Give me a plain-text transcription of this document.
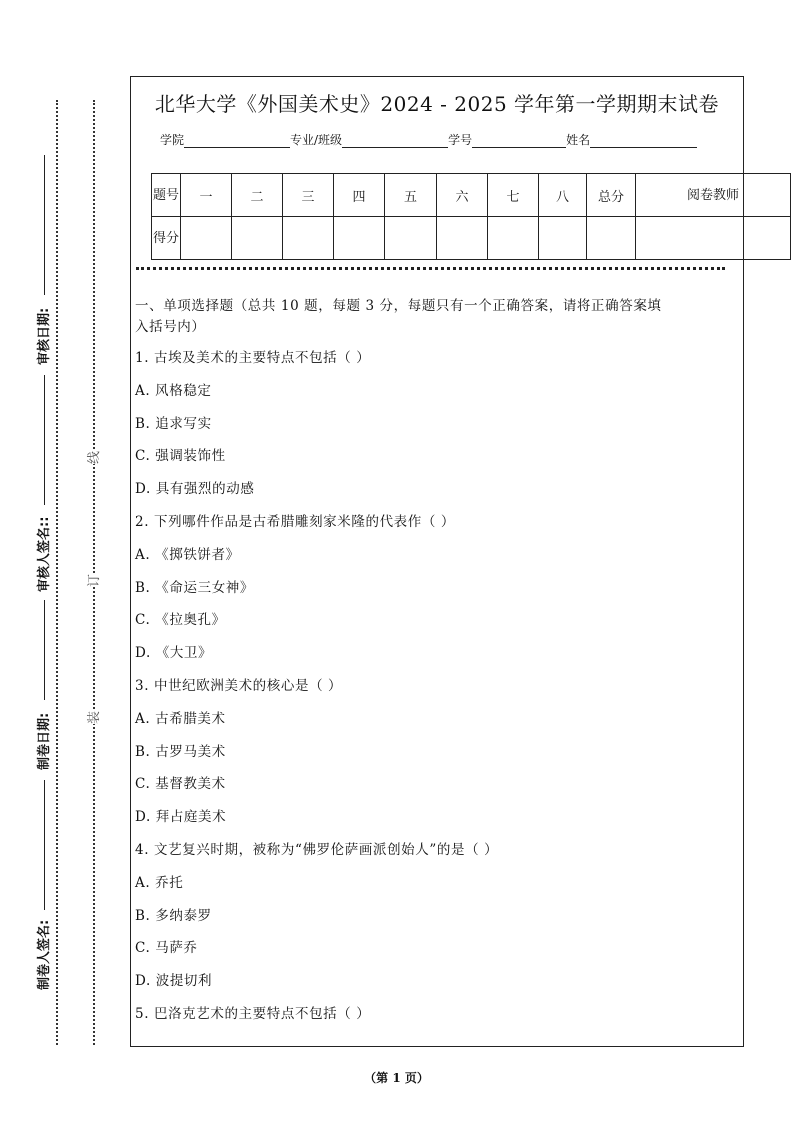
审核日期:
审核人签名::
制卷日期:
制卷人签名:
线
订
装
北华大学《外国美术史》2024 - 2025 学年第一学期期末试卷
学院	专业/班级	学号	姓名
题号	一	二	三	四	五	六	七	八	总分	阅卷教师
得分										
一、单项选择题（总共 10 题，每题 3 分，每题只有一个正确答案，请将正确答案填
入括号内）
1. 古埃及美术的主要特点不包括（ ）
A. 风格稳定
B. 追求写实
C. 强调装饰性
D. 具有强烈的动感
2. 下列哪件作品是古希腊雕刻家米隆的代表作（ ）
A. 《掷铁饼者》
B. 《命运三女神》
C. 《拉奥孔》
D. 《大卫》
3. 中世纪欧洲美术的核心是（ ）
A. 古希腊美术
B. 古罗马美术
C. 基督教美术
D. 拜占庭美术
4. 文艺复兴时期，被称为“佛罗伦萨画派创始人”的是（ ）
A. 乔托
B. 多纳泰罗
C. 马萨乔
D. 波提切利
5. 巴洛克艺术的主要特点不包括（ ）
（第 1 页）
